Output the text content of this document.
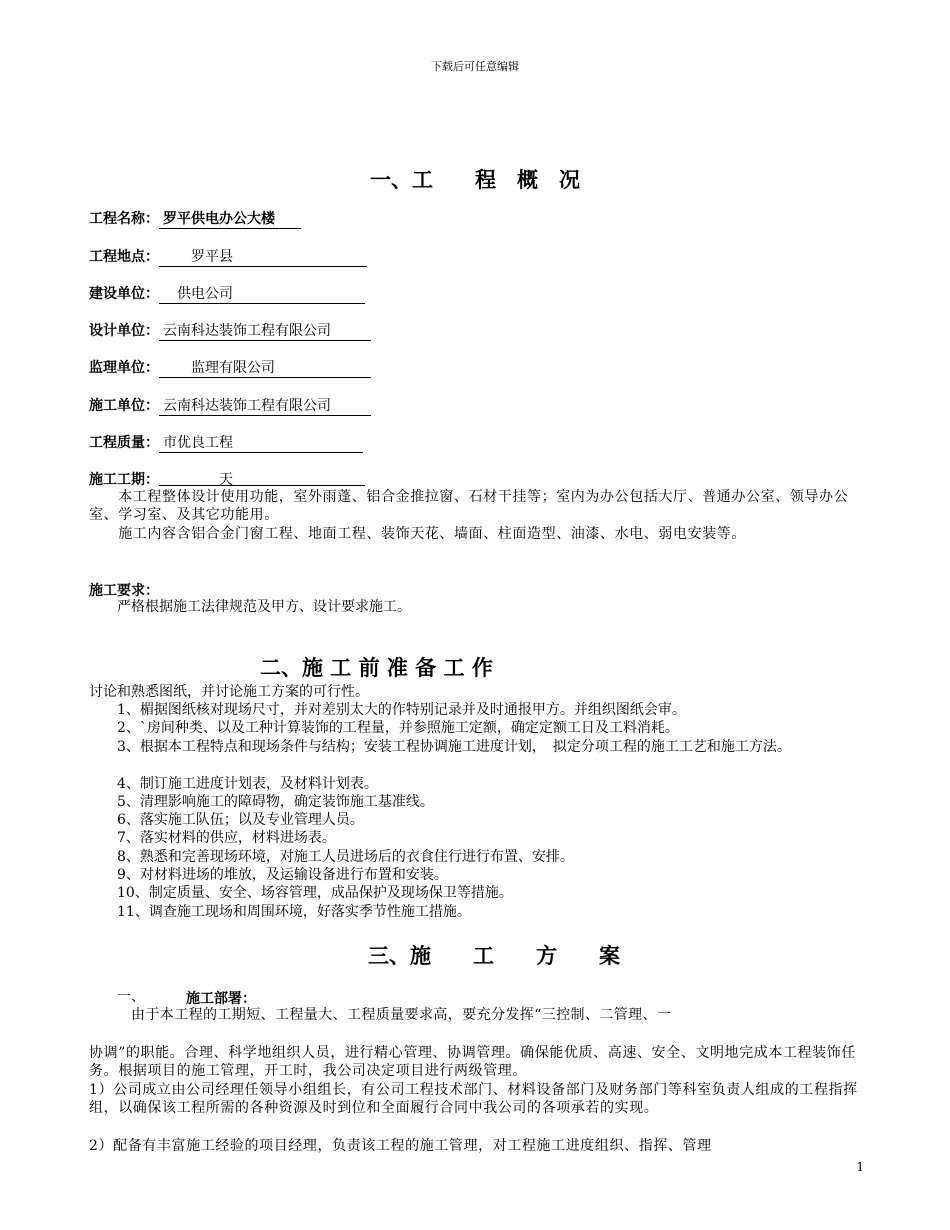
下载后可任意编辑
一、工　　程　概　况
工程名称： 罗平供电办公大楼
工程地点：　　罗平县
建设单位：　供电公司
设计单位： 云南科达装饰工程有限公司
监理单位：　　监理有限公司
施工单位： 云南科达装饰工程有限公司
工程质量： 市优良工程
施工工期：　　　　天
　　本工程整体设计使用功能，室外雨蓬、铝合金推拉窗、石材干挂等；室内为办公包括大厅、普通办公室、领导办公室、学习室、及其它功能用。
　　施工内容含铝合金门窗工程、地面工程、装饰天花、墙面、柱面造型、油漆、水电、弱电安装等。
施工要求：
　　严格根据施工法律规范及甲方、设计要求施工。
二、施 工 前 准 备 工 作
讨论和熟悉图纸，并讨论施工方案的可行性。
1、楣据图纸核对现场尺寸，并对差别太大的作特别记录并及时通报甲方。并组织图纸会审。
2、`房间种类、以及工种计算装饰的工程量，并参照施工定额，确定定额工日及工料消耗。
3、根据本工程特点和现场条件与结构；安装工程协调施工进度计划，　拟定分项工程的施工工艺和施工方法。
4、制订施工进度计划表，及材料计划表。
5、清理影响施工的障碍物，确定装饰施工基准线。
6、落实施工队伍；以及专业管理人员。
7、落实材料的供应，材料进场表。
8、熟悉和完善现场环境，对施工人员进场后的衣食住行进行布置、安排。
9、对材料进场的堆放，及运输设备进行布置和安装。
10、制定质量、安全、场容管理，成品保护及现场保卫等措施。
11、调查施工现场和周围环境，好落实季节性施工措施。
三、施　　工　　方　　案
一、	施工部署：
由于本工程的工期短、工程量大、工程质量要求高，要充分发挥“三控制、二管理、一
协调”的职能。合理、科学地组织人员，进行精心管理、协调管理。确保能优质、高速、安全、文明地完成本工程装饰任务。根据项目的施工管理，开工时，我公司决定项目进行两级管理。
1）公司成立由公司经理任领导小组组长，有公司工程技术部门、材料设备部门及财务部门等科室负责人组成的工程指挥组，以确保该工程所需的各种资源及时到位和全面履行合同中我公司的各项承若的实现。
2）配备有丰富施工经验的项目经理，负责该工程的施工管理，对工程施工进度组织、指挥、管理
1
